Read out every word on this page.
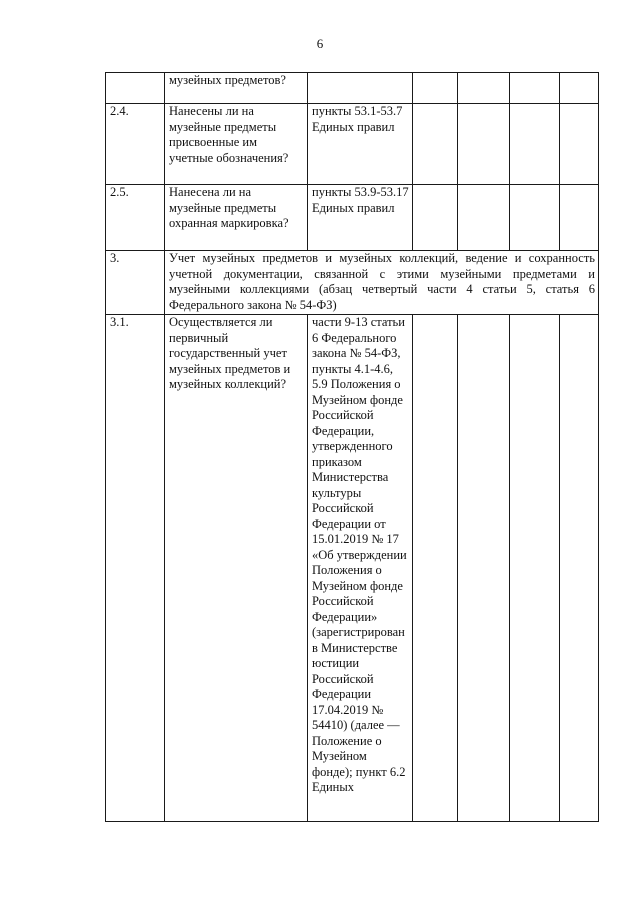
6
	музейных предметов?					
2.4.	Нанесены ли на музейные предметы присвоенные им учетные обозначения?	пункты 53.1-53.7 Единых правил				
2.5.	Нанесена ли на музейные предметы охранная маркировка?	пункты 53.9-53.17 Единых правил				
3.	Учет музейных предметов и музейных коллекций, ведение и сохранность учетной документации, связанной с этими музейными предметами и музейными коллекциями (абзац четвертый части 4 статьи 5, статья 6 Федерального закона № 54-ФЗ)					
3.1.	Осуществляется ли первичный государственный учет музейных предметов и музейных коллекций?	части 9-13 статьи 6 Федерального закона № 54-ФЗ, пункты 4.1-4.6, 5.9 Положения о Музейном фонде Российской Федерации, утвержденного приказом Министерства культуры Российской Федерации от 15.01.2019 № 17 «Об утверждении Положения о Музейном фонде Российской Федерации» (зарегистрирован в Министерстве юстиции Российской Федерации 17.04.2019 № 54410) (далее — Положение о Музейном фонде); пункт 6.2 Единых				
